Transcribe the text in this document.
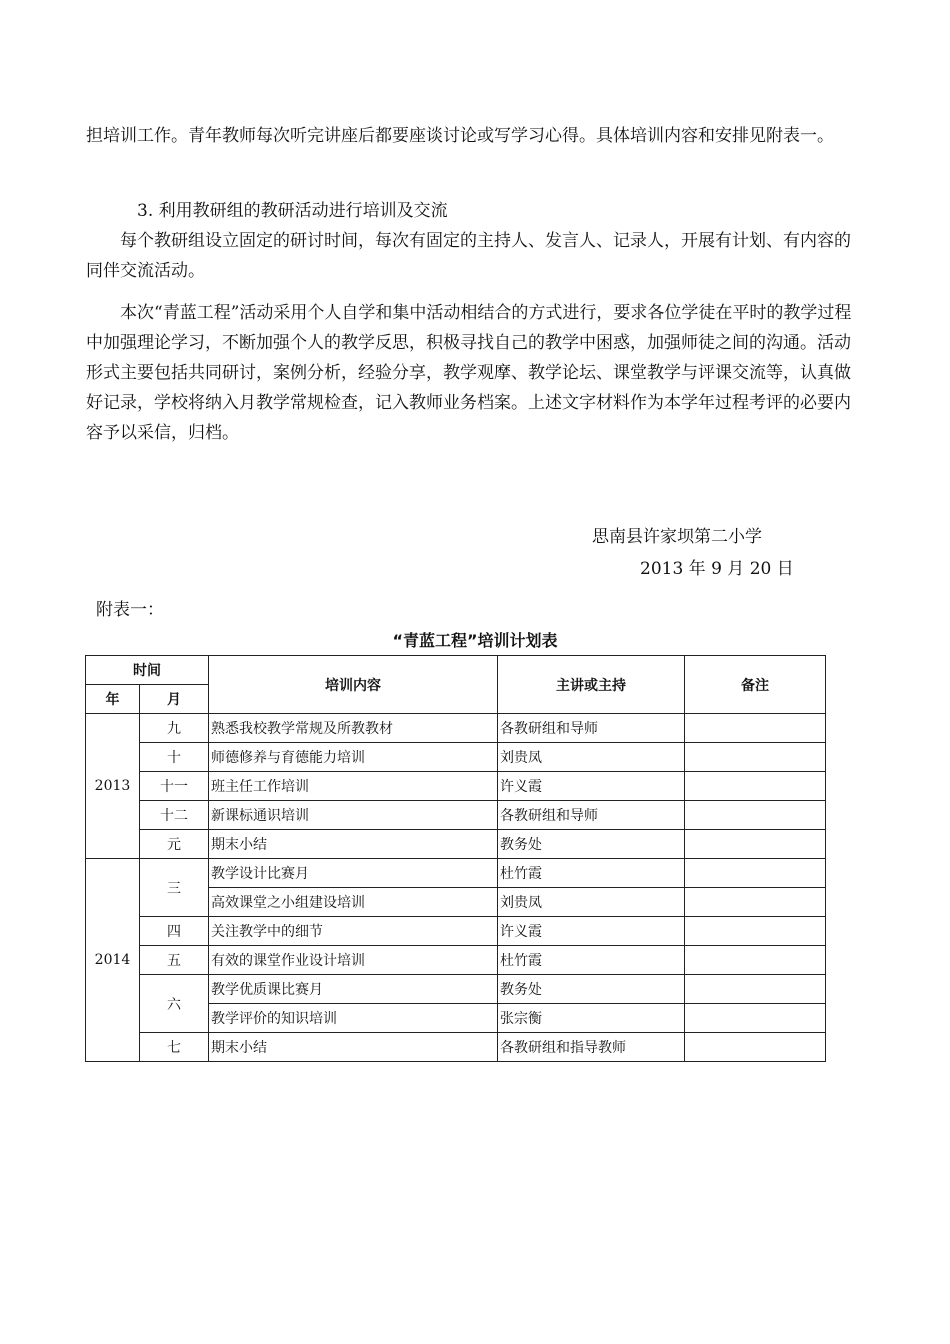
担培训工作。青年教师每次听完讲座后都要座谈讨论或写学习心得。具体培训内容和安排见附表一。

3. 利用教研组的教研活动进行培训及交流

每个教研组设立固定的研讨时间，每次有固定的主持人、发言人、记录人，开展有计划、有内容的同伴交流活动。

本次“青蓝工程”活动采用个人自学和集中活动相结合的方式进行，要求各位学徒在平时的教学过程中加强理论学习，不断加强个人的教学反思，积极寻找自己的教学中困惑，加强师徒之间的沟通。活动形式主要包括共同研讨，案例分析，经验分享，教学观摩、教学论坛、课堂教学与评课交流等，认真做好记录，学校将纳入月教学常规检查，记入教师业务档案。上述文字材料作为本学年过程考评的必要内容予以采信，归档。

思南县许家坝第二小学
2013 年 9 月 20 日
附表一：
“青蓝工程”培训计划表
时间		培训内容	主讲或主持	备注
年	月			
2013	九	熟悉我校教学常规及所教教材	各教研组和导师	
	十	师德修养与育德能力培训	刘贵凤	
	十一	班主任工作培训	许义霞	
	十二	新课标通识培训	各教研组和导师	
	元	期末小结	教务处	
2014	三	教学设计比赛月	杜竹霞	
		高效课堂之小组建设培训	刘贵凤	
	四	关注教学中的细节	许义霞	
	五	有效的课堂作业设计培训	杜竹霞	
	六	教学优质课比赛月	教务处	
		教学评价的知识培训	张宗衡	
	七	期末小结	各教研组和指导教师	
